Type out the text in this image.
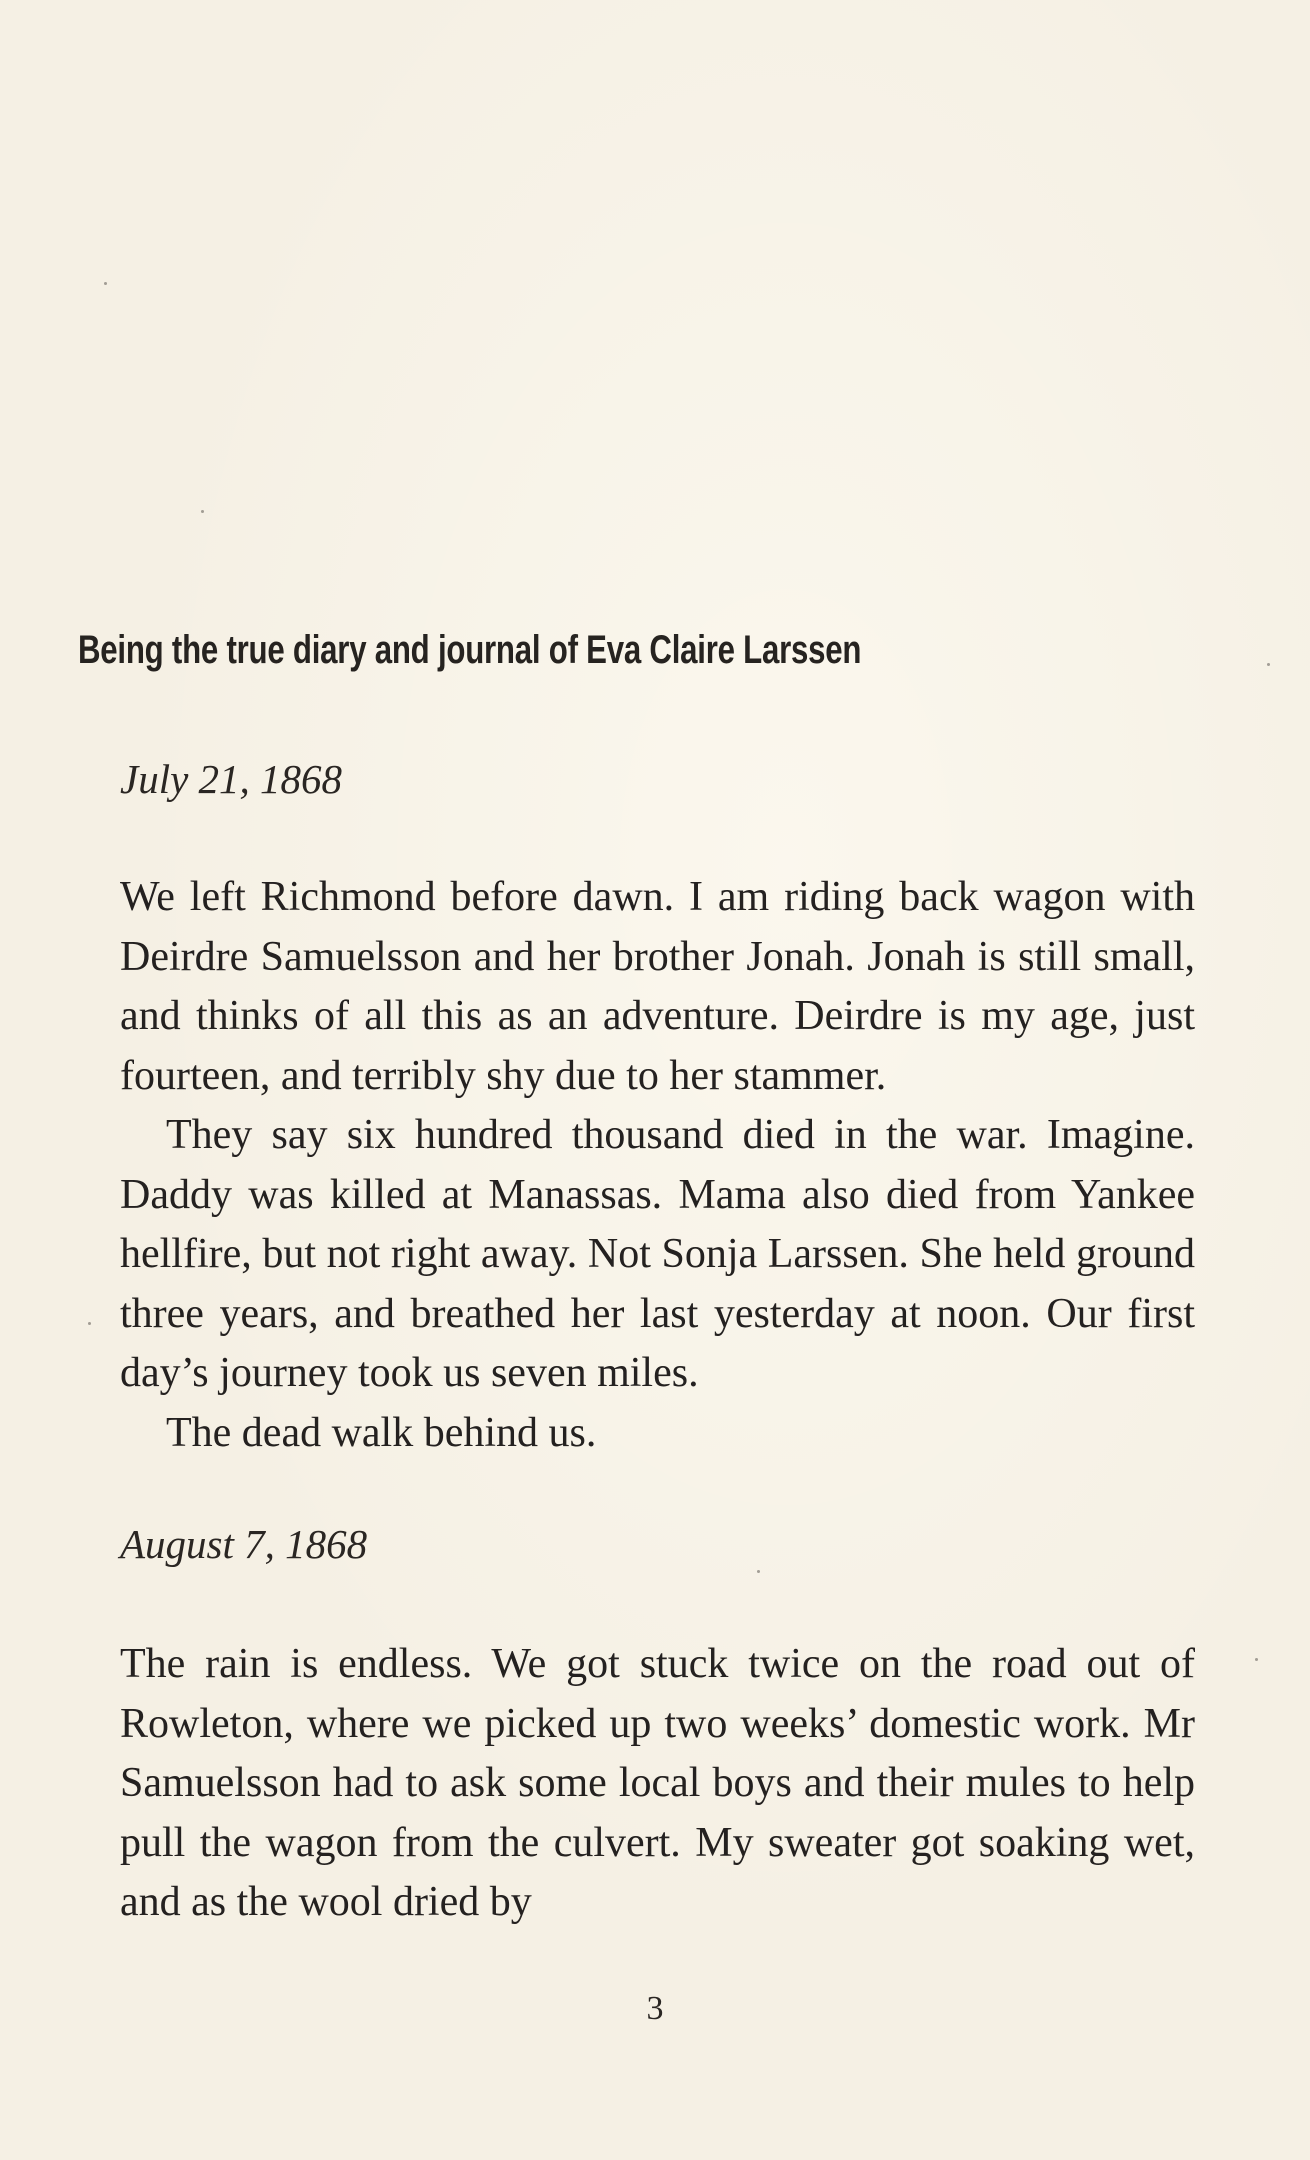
Being the true diary and journal of Eva Claire Larssen
July 21, 1868

We left Richmond before dawn. I am riding back wagon with Deirdre Samuelsson and her brother Jonah. Jonah is still small, and thinks of all this as an adventure. Deirdre is my age, just fourteen, and terribly shy due to her stammer.

They say six hundred thousand died in the war. Imagine. Daddy was killed at Manassas. Mama also died from Yankee hellfire, but not right away. Not Sonja Larssen. She held ground three years, and breathed her last yesterday at noon. Our first day’s journey took us seven miles.

The dead walk behind us.

August 7, 1868

The rain is endless. We got stuck twice on the road out of Rowleton, where we picked up two weeks’ domestic work. Mr Samuelsson had to ask some local boys and their mules to help pull the wagon from the culvert. My sweater got soaking wet, and as the wool dried by

3
